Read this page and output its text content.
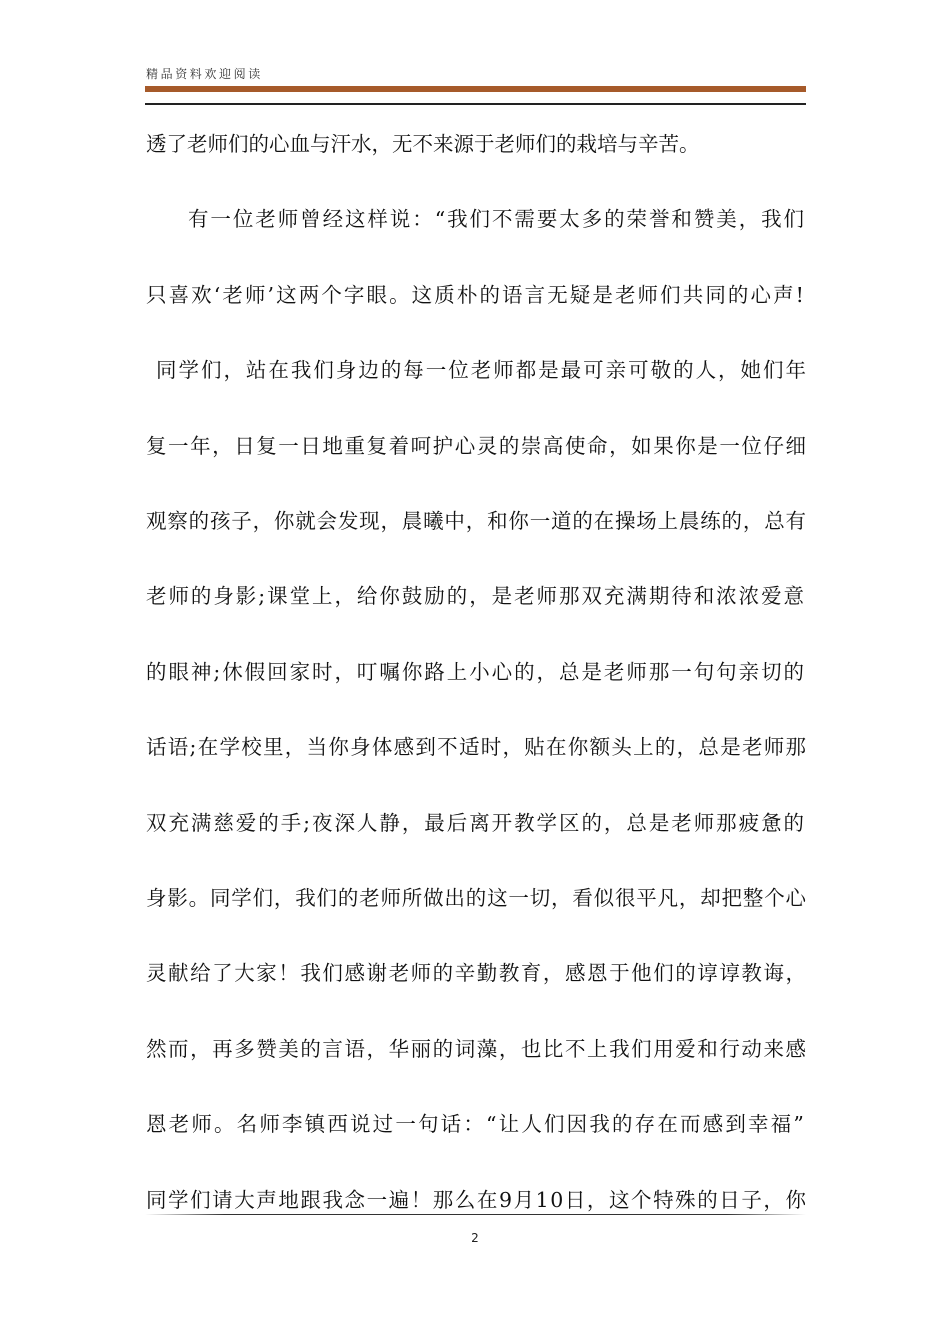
精品资料欢迎阅读
透了老师们的心血与汗水，无不来源于老师们的栽培与辛苦。
有一位老师曾经这样说：“我们不需要太多的荣誉和赞美，我们
只喜欢‘老师’这两个字眼。这质朴的语言无疑是老师们共同的心声!
同学们，站在我们身边的每一位老师都是最可亲可敬的人，她们年
复一年，日复一日地重复着呵护心灵的崇高使命，如果你是一位仔细
观察的孩子，你就会发现，晨曦中，和你一道的在操场上晨练的，总有
老师的身影;课堂上，给你鼓励的，是老师那双充满期待和浓浓爱意
的眼神;休假回家时，叮嘱你路上小心的，总是老师那一句句亲切的
话语;在学校里，当你身体感到不适时，贴在你额头上的，总是老师那
双充满慈爱的手;夜深人静，最后离开教学区的，总是老师那疲惫的
身影。同学们，我们的老师所做出的这一切，看似很平凡，却把整个心
灵献给了大家！我们感谢老师的辛勤教育，感恩于他们的谆谆教诲，
然而，再多赞美的言语，华丽的词藻，也比不上我们用爱和行动来感
恩老师。名师李镇西说过一句话：“让人们因我的存在而感到幸福”
同学们请大声地跟我念一遍！那么在9月10日，这个特殊的日子，你
2
